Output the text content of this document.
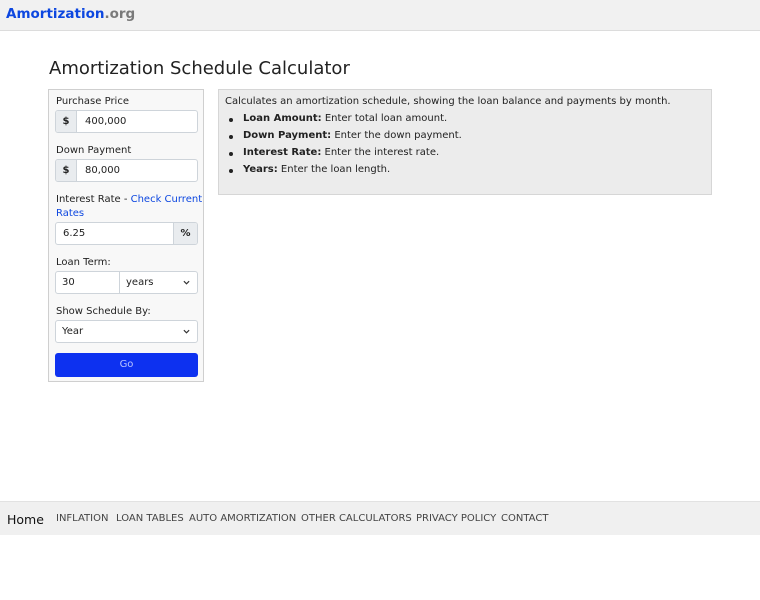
Amortization.org
Amortization Schedule Calculator
Purchase Price
$	400,000
Down Payment
$	80,000
Interest Rate - Check Current
Rates
6.25	%
Loan Term:
30	years
Show Schedule By:
Year
Go
Calculates an amortization schedule, showing the loan balance and payments by month.
Loan Amount: Enter total loan amount.
Down Payment: Enter the down payment.
Interest Rate: Enter the interest rate.
Years: Enter the loan length.
Home INFLATION LOAN TABLES AUTO AMORTIZATION OTHER CALCULATORS PRIVACY POLICY CONTACT
